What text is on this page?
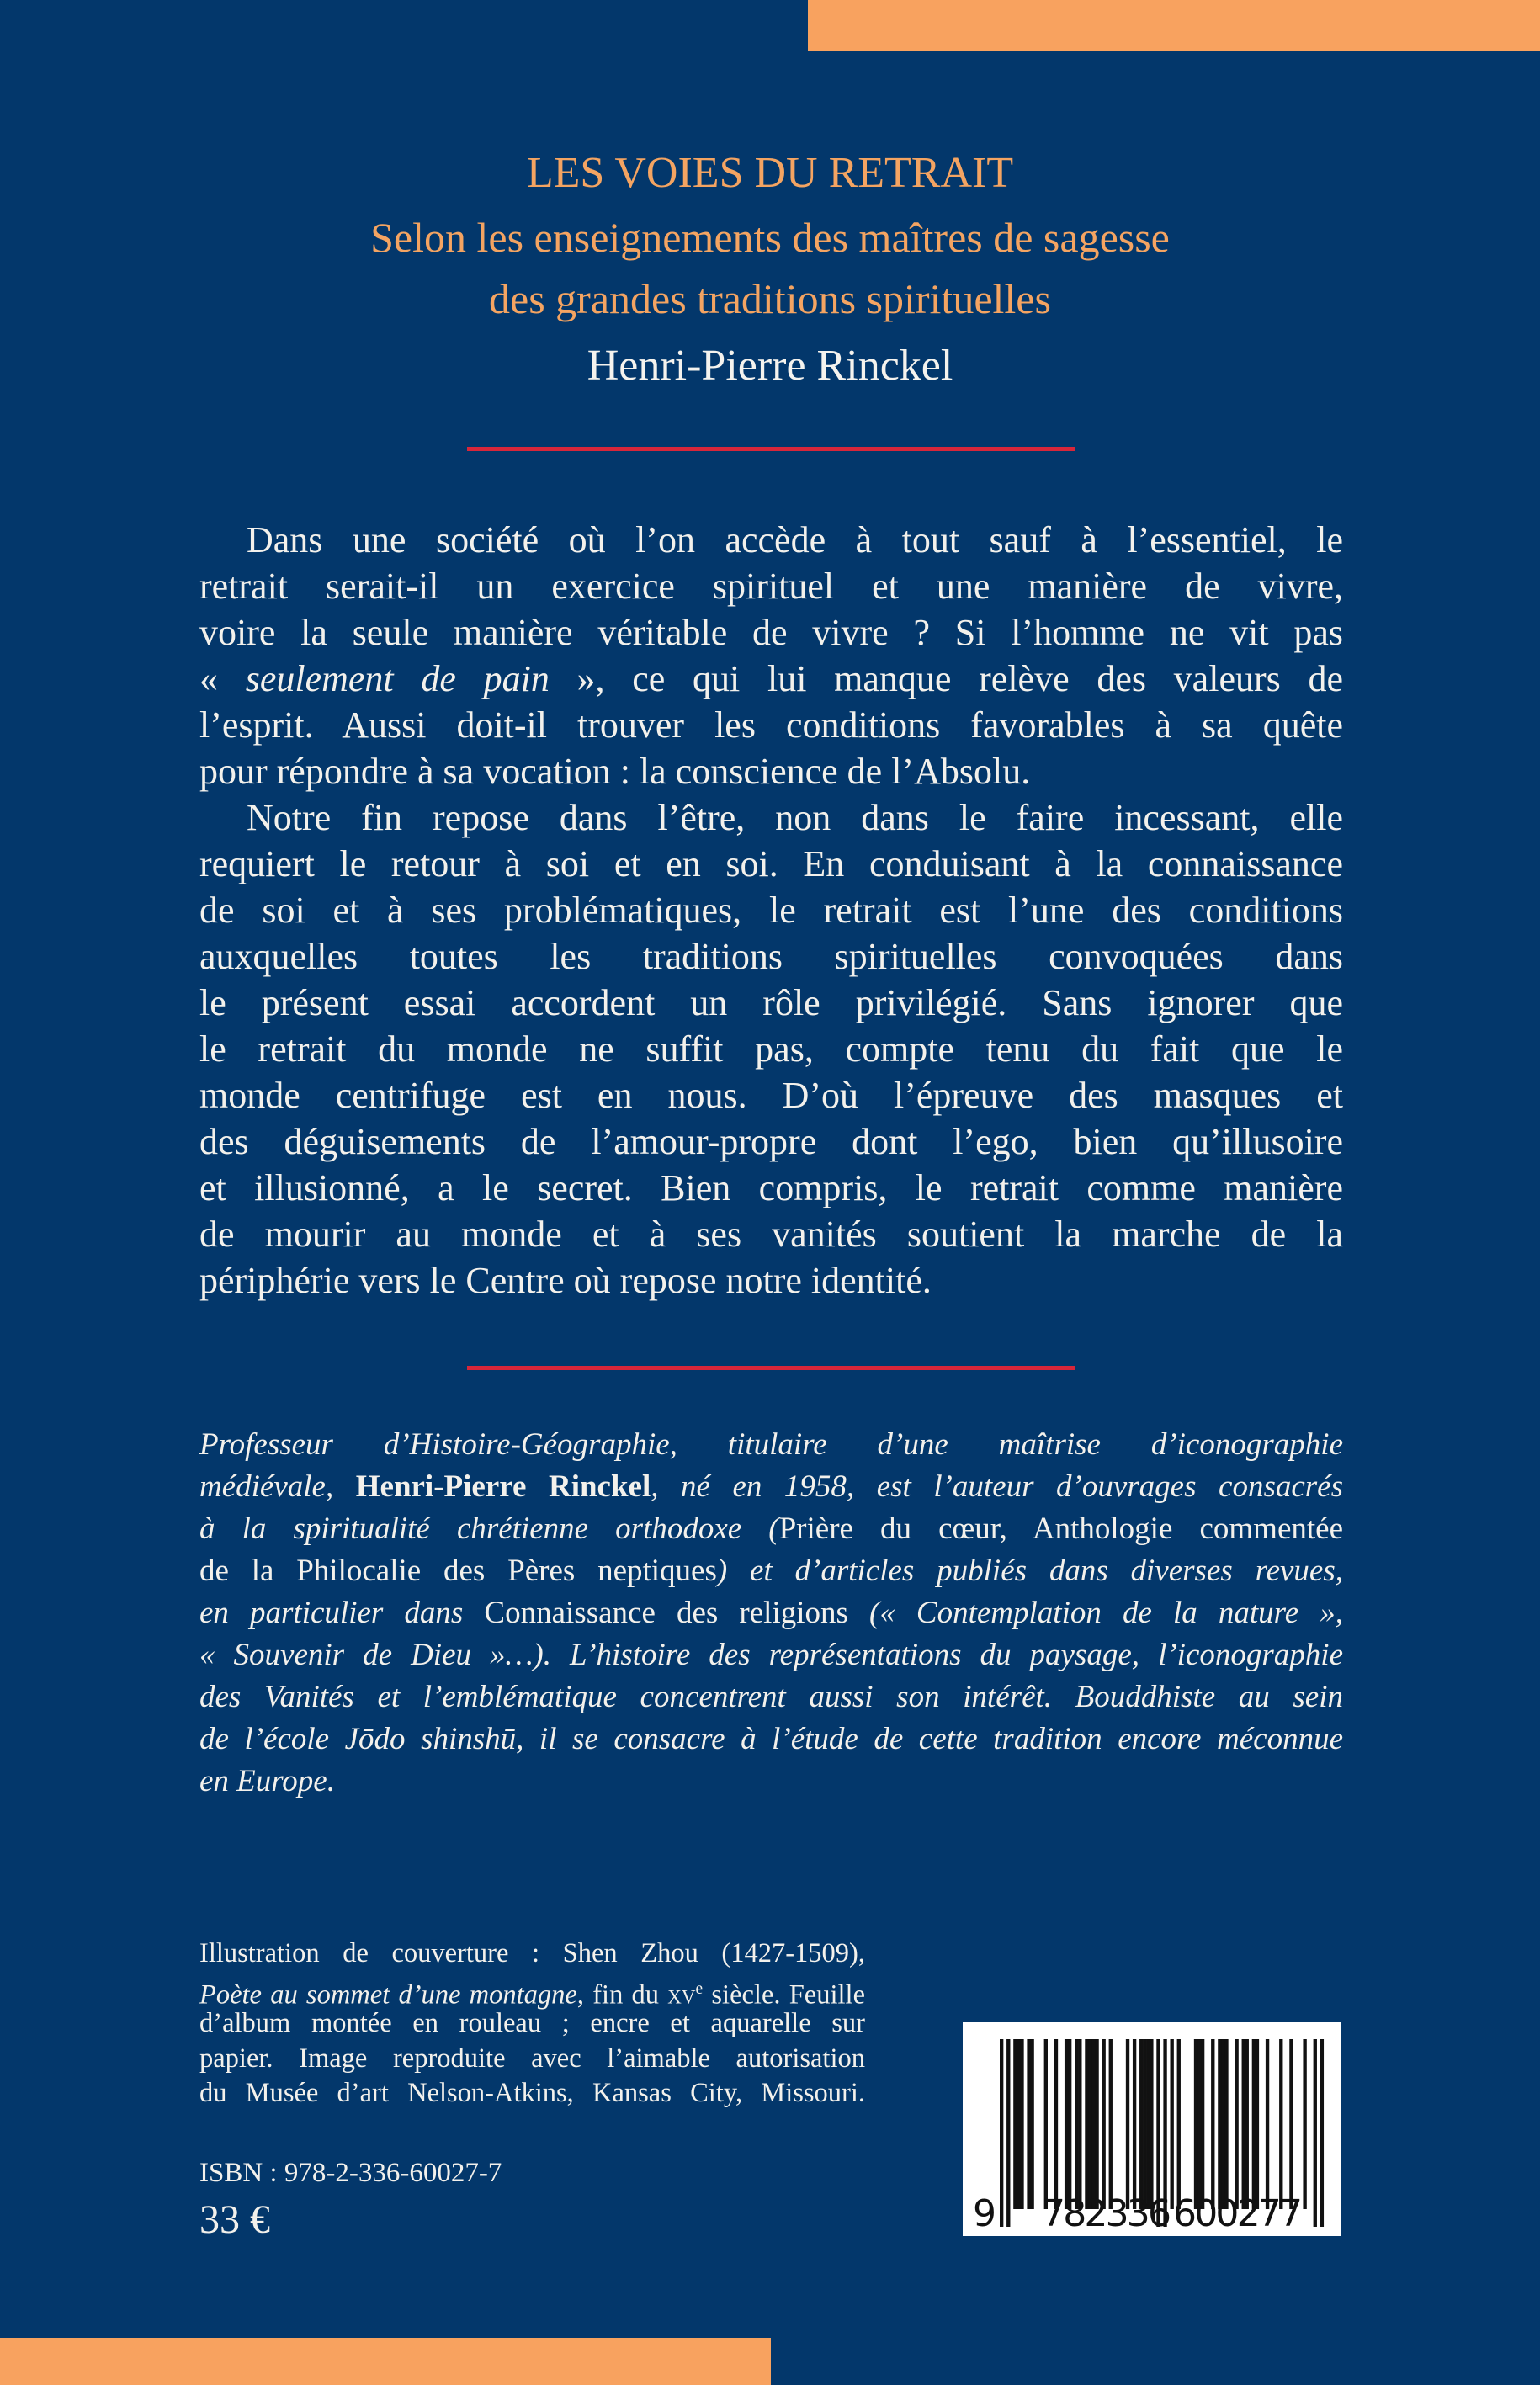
LES VOIES DU RETRAIT
Selon les enseignements des maîtres de sagesse
des grandes traditions spirituelles
Henri-Pierre Rinckel
Dans une société où l’on accède à tout sauf à l’essentiel, le
retrait serait-il un exercice spirituel et une manière de vivre,
voire la seule manière véritable de vivre ? Si l’homme ne vit pas
« seulement de pain », ce qui lui manque relève des valeurs de
l’esprit. Aussi doit-il trouver les conditions favorables à sa quête
pour répondre à sa vocation : la conscience de l’Absolu.
Notre fin repose dans l’être, non dans le faire incessant, elle
requiert le retour à soi et en soi. En conduisant à la connaissance
de soi et à ses problématiques, le retrait est l’une des conditions
auxquelles toutes les traditions spirituelles convoquées dans
le présent essai accordent un rôle privilégié. Sans ignorer que
le retrait du monde ne suffit pas, compte tenu du fait que le
monde centrifuge est en nous. D’où l’épreuve des masques et
des déguisements de l’amour-propre dont l’ego, bien qu’illusoire
et illusionné, a le secret. Bien compris, le retrait comme manière
de mourir au monde et à ses vanités soutient la marche de la
périphérie vers le Centre où repose notre identité.
Professeur d’Histoire-Géographie, titulaire d’une maîtrise d’iconographie
médiévale, Henri-Pierre Rinckel, né en 1958, est l’auteur d’ouvrages consacrés
à la spiritualité chrétienne orthodoxe (Prière du cœur, Anthologie commentée
de la Philocalie des Pères neptiques) et d’articles publiés dans diverses revues,
en particulier dans Connaissance des religions (« Contemplation de la nature »,
« Souvenir de Dieu »…). L’histoire des représentations du paysage, l’iconographie
des Vanités et l’emblématique concentrent aussi son intérêt. Bouddhiste au sein
de l’école Jōdo shinshū, il se consacre à l’étude de cette tradition encore méconnue
en Europe.
Illustration de couverture : Shen Zhou (1427-1509),
Poète au sommet d’une montagne, fin du $xv^e$ siècle. Feuille
d’album montée en rouleau ; encre et aquarelle sur
papier. Image reproduite avec l’aimable autorisation
du Musée d’art Nelson-Atkins, Kansas City, Missouri.
ISBN : 978-2-336-60027-7
33 €	9 782336 600277
